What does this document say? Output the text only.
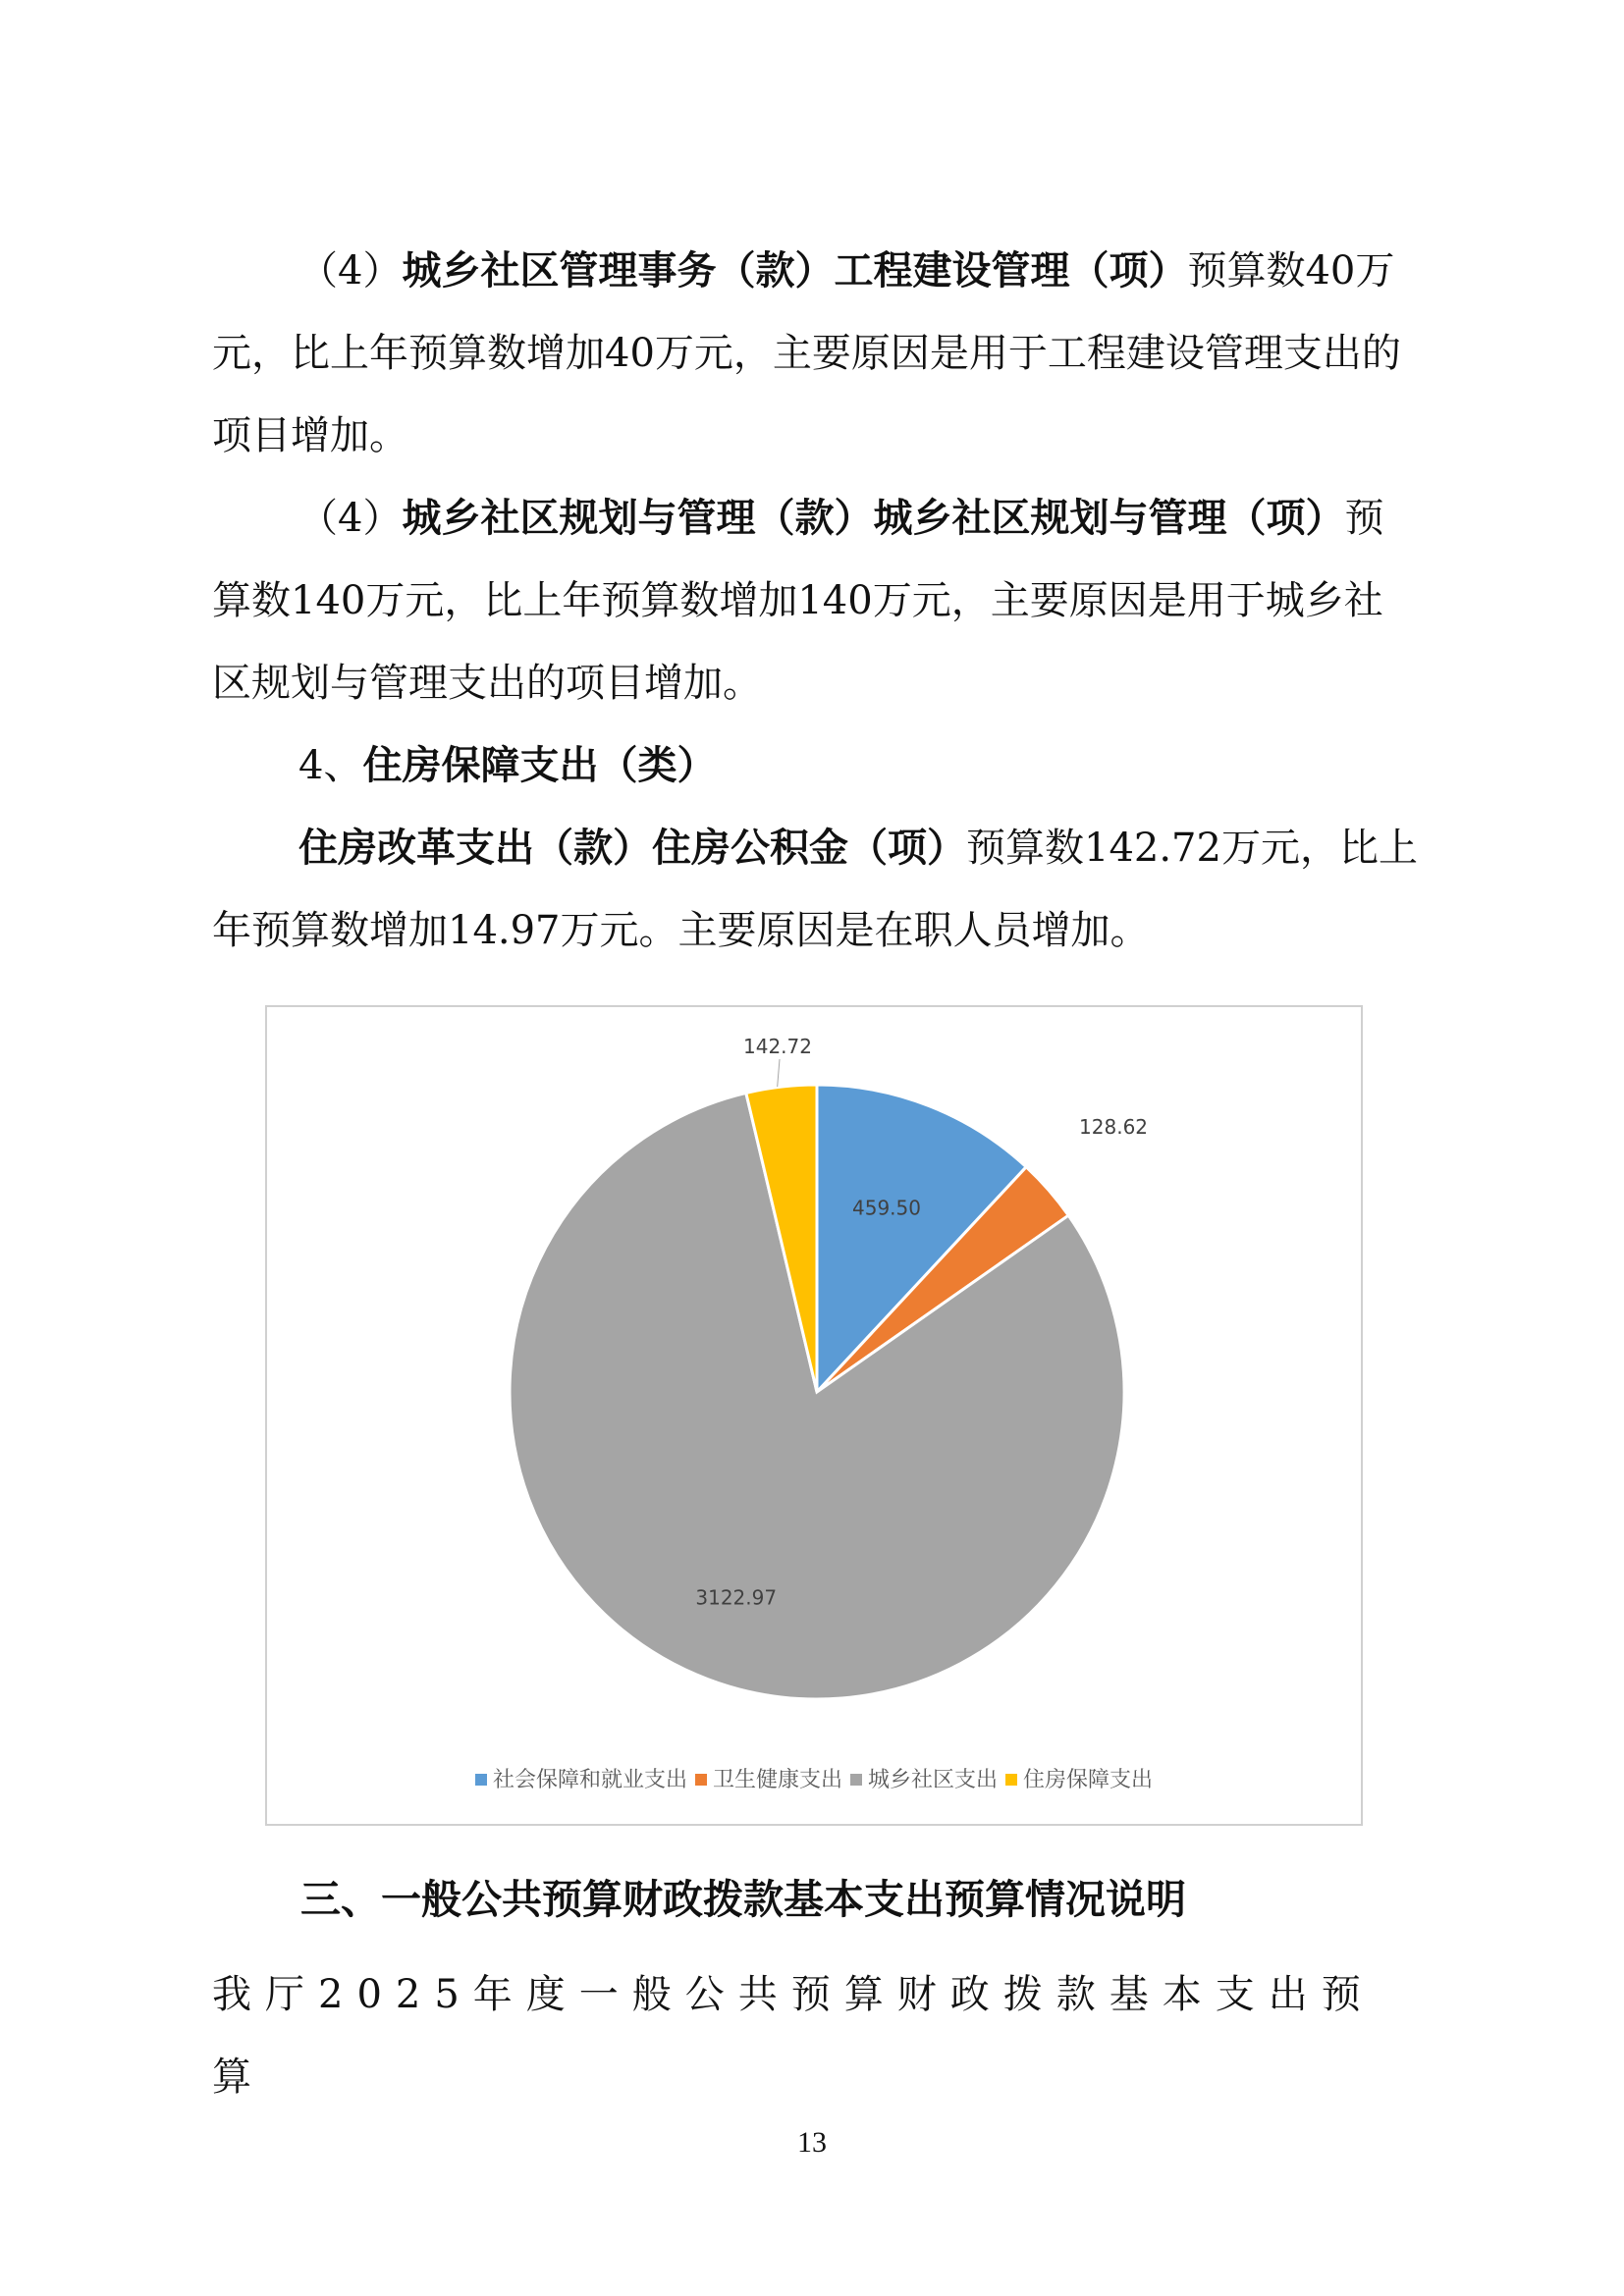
（4）城乡社区管理事务（款）工程建设管理（项）预算数40万元，比上年预算数增加40万元，主要原因是用于工程建设管理支出的项目增加。

（4）城乡社区规划与管理（款）城乡社区规划与管理（项）预算数140万元，比上年预算数增加140万元，主要原因是用于城乡社区规划与管理支出的项目增加。

4、住房保障支出（类）

住房改革支出（款）住房公积金（项）预算数142.72万元，比上年预算数增加14.97万元。主要原因是在职人员增加。

459.50
128.62
3122.97
142.72
社会保障和就业支出 卫生健康支出 城乡社区支出 住房保障支出
三、一般公共预算财政拨款基本支出预算情况说明

我厅2025年度一般公共预算财政拨款基本支出预算

13
